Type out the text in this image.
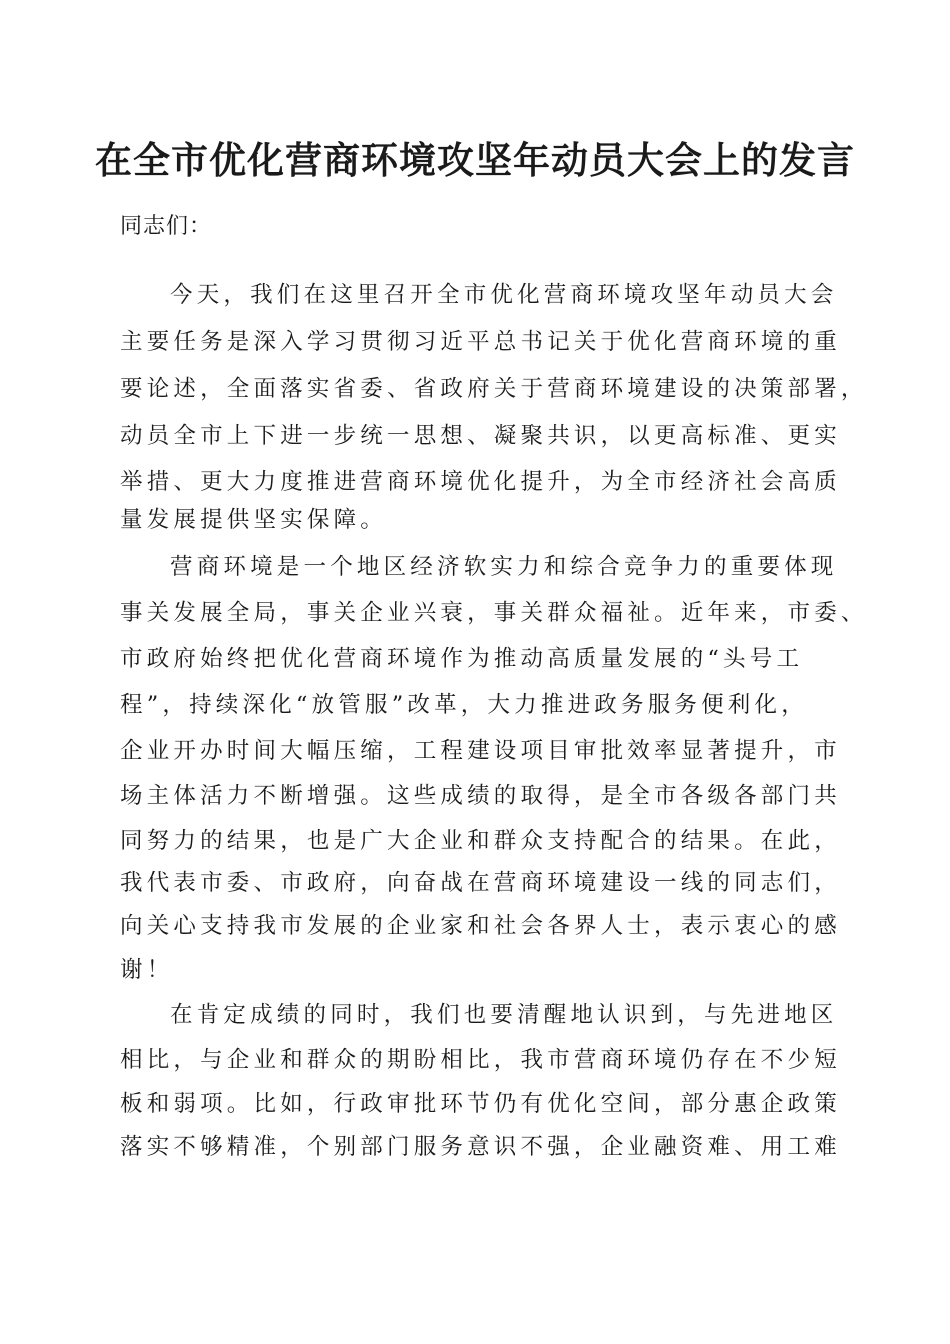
在全市优化营商环境攻坚年动员大会上的发言

同志们：

今天，我们在这里召开全市优化营商环境攻坚年动员大会

主要任务是深入学习贯彻习近平总书记关于优化营商环境的重

要论述，全面落实省委、省政府关于营商环境建设的决策部署，

动员全市上下进一步统一思想、凝聚共识，以更高标准、更实

举措、更大力度推进营商环境优化提升，为全市经济社会高质

量发展提供坚实保障。

营商环境是一个地区经济软实力和综合竞争力的重要体现

事关发展全局，事关企业兴衰，事关群众福祉。近年来，市委、

市政府始终把优化营商环境作为推动高质量发展的“头号工

程”，持续深化“放管服”改革，大力推进政务服务便利化，

企业开办时间大幅压缩，工程建设项目审批效率显著提升，市

场主体活力不断增强。这些成绩的取得，是全市各级各部门共

同努力的结果，也是广大企业和群众支持配合的结果。在此，

我代表市委、市政府，向奋战在营商环境建设一线的同志们，

向关心支持我市发展的企业家和社会各界人士，表示衷心的感

谢！

在肯定成绩的同时，我们也要清醒地认识到，与先进地区

相比，与企业和群众的期盼相比，我市营商环境仍存在不少短

板和弱项。比如，行政审批环节仍有优化空间，部分惠企政策

落实不够精准，个别部门服务意识不强，企业融资难、用工难
